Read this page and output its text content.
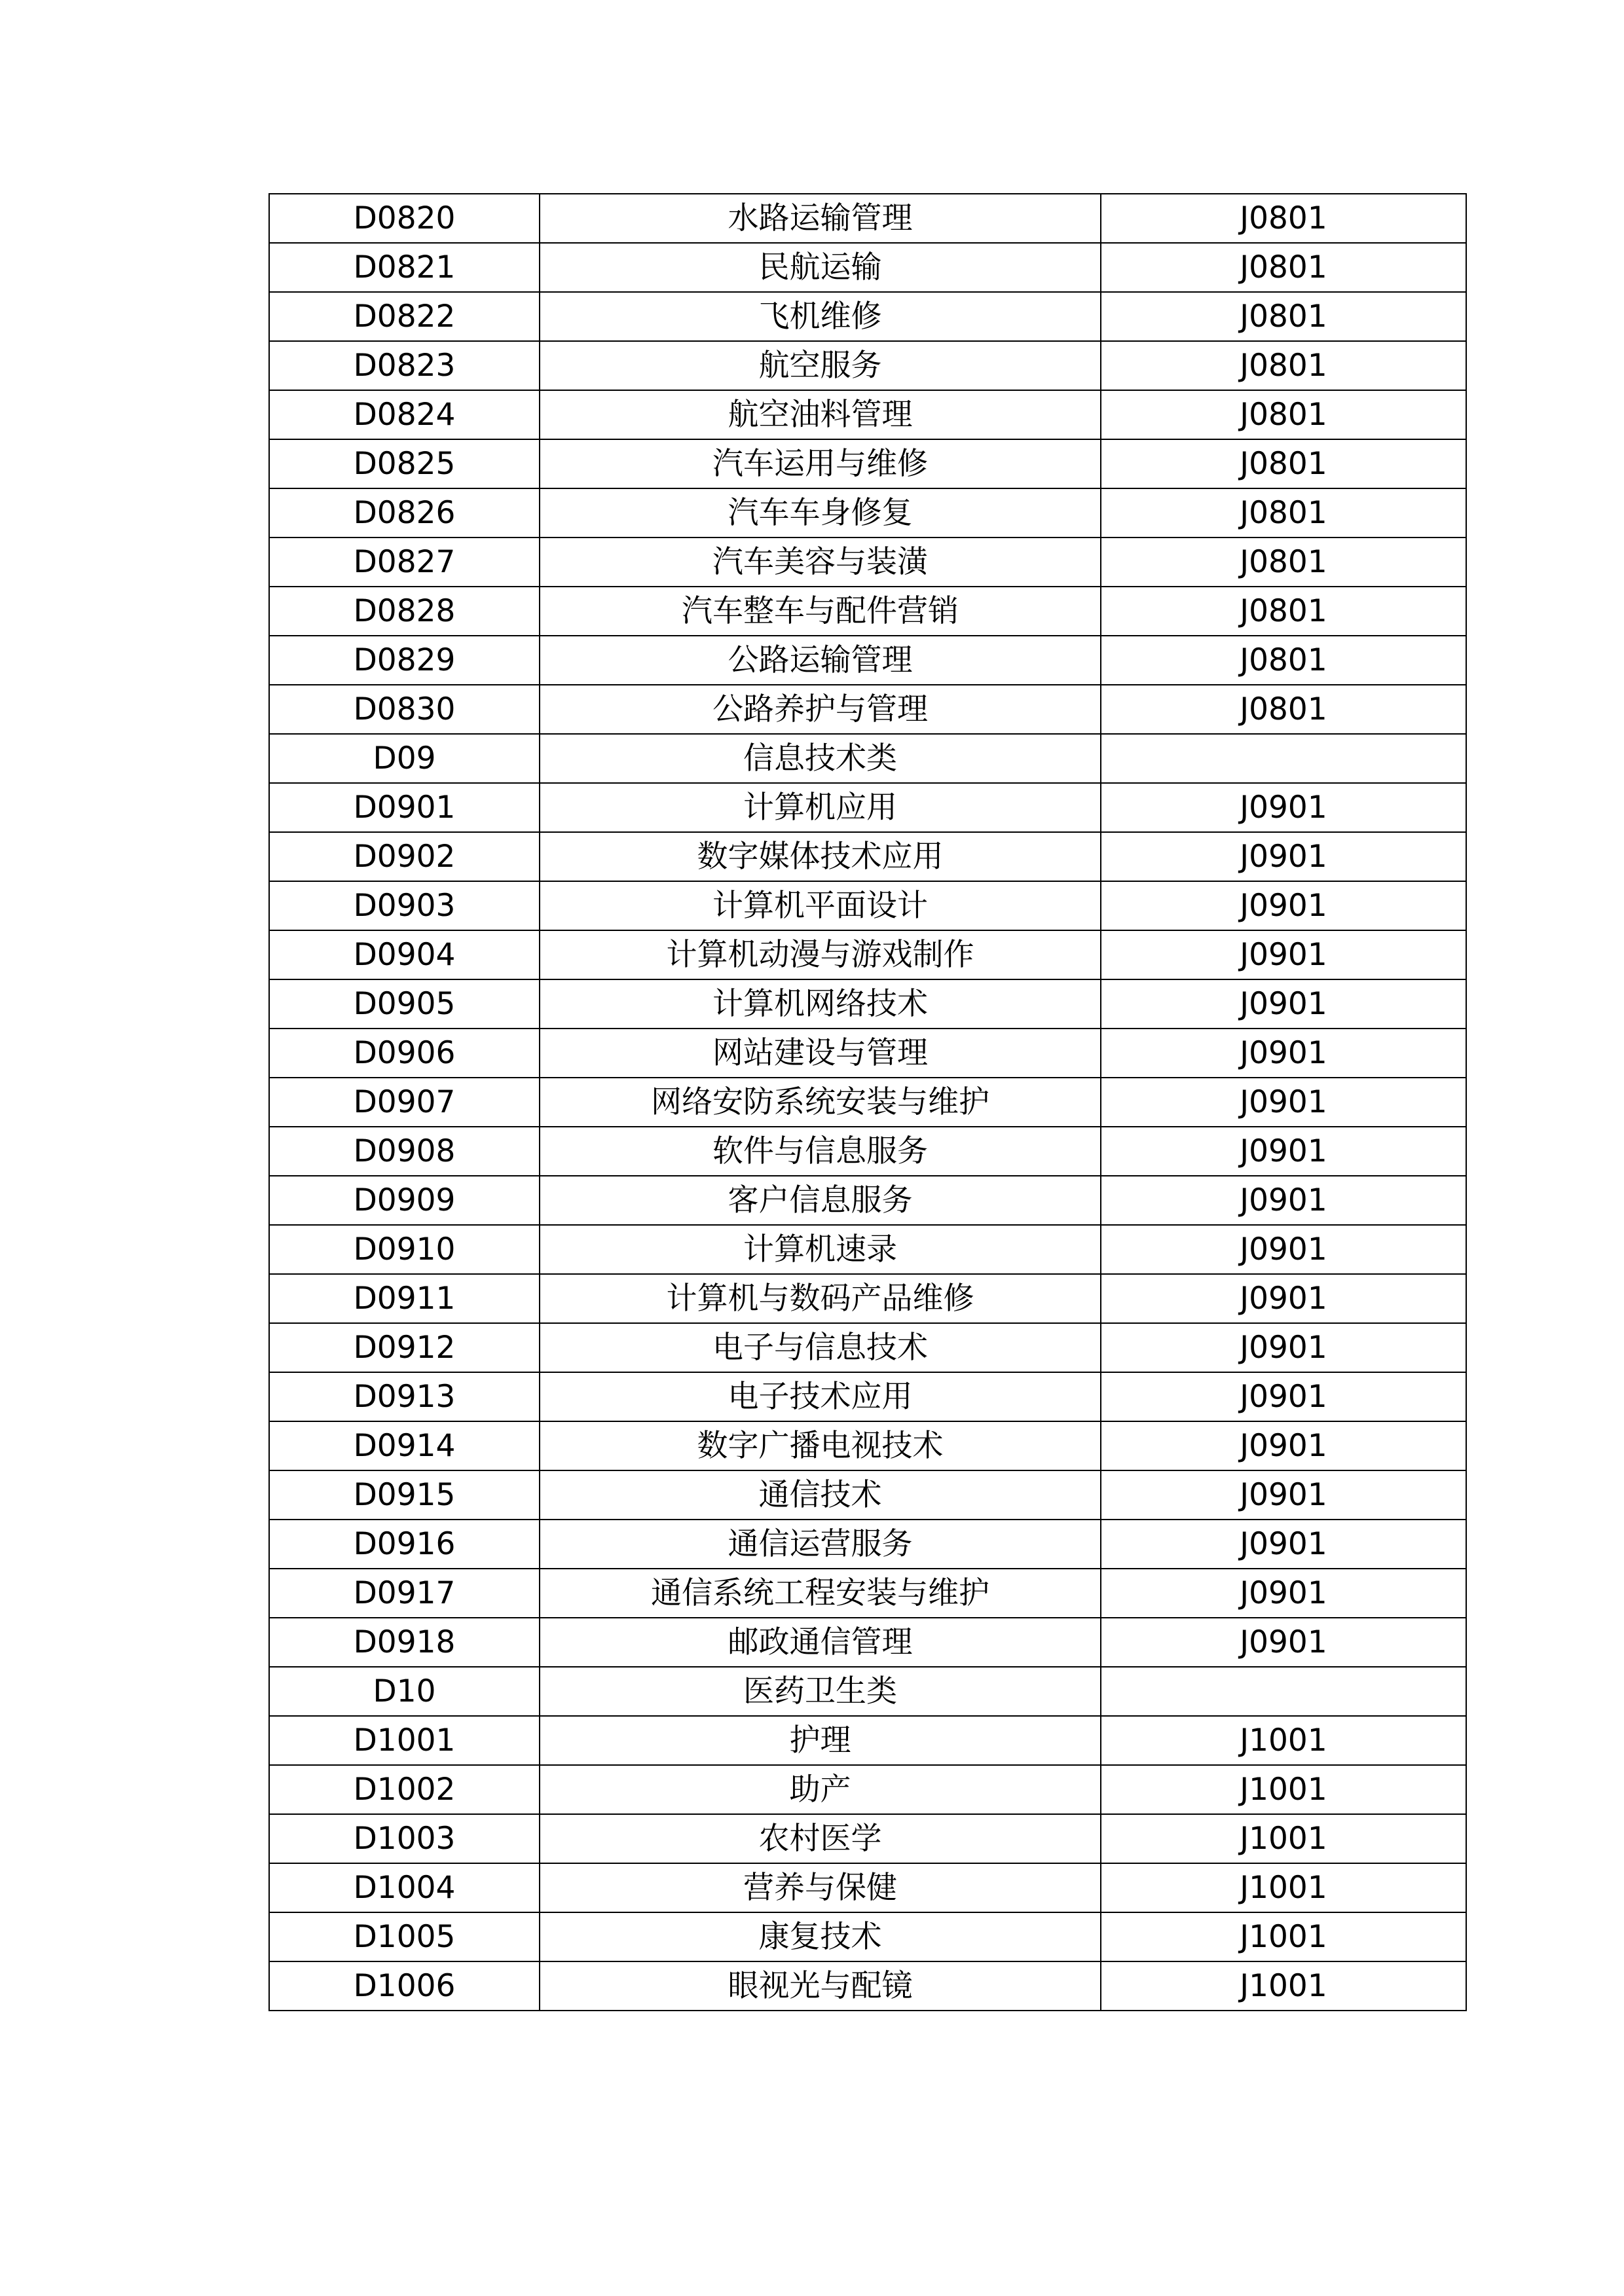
D0820	水路运输管理	J0801
D0821	民航运输	J0801
D0822	飞机维修	J0801
D0823	航空服务	J0801
D0824	航空油料管理	J0801
D0825	汽车运用与维修	J0801
D0826	汽车车身修复	J0801
D0827	汽车美容与装潢	J0801
D0828	汽车整车与配件营销	J0801
D0829	公路运输管理	J0801
D0830	公路养护与管理	J0801
D09	信息技术类	
D0901	计算机应用	J0901
D0902	数字媒体技术应用	J0901
D0903	计算机平面设计	J0901
D0904	计算机动漫与游戏制作	J0901
D0905	计算机网络技术	J0901
D0906	网站建设与管理	J0901
D0907	网络安防系统安装与维护	J0901
D0908	软件与信息服务	J0901
D0909	客户信息服务	J0901
D0910	计算机速录	J0901
D0911	计算机与数码产品维修	J0901
D0912	电子与信息技术	J0901
D0913	电子技术应用	J0901
D0914	数字广播电视技术	J0901
D0915	通信技术	J0901
D0916	通信运营服务	J0901
D0917	通信系统工程安装与维护	J0901
D0918	邮政通信管理	J0901
D10	医药卫生类	
D1001	护理	J1001
D1002	助产	J1001
D1003	农村医学	J1001
D1004	营养与保健	J1001
D1005	康复技术	J1001
D1006	眼视光与配镜	J1001
